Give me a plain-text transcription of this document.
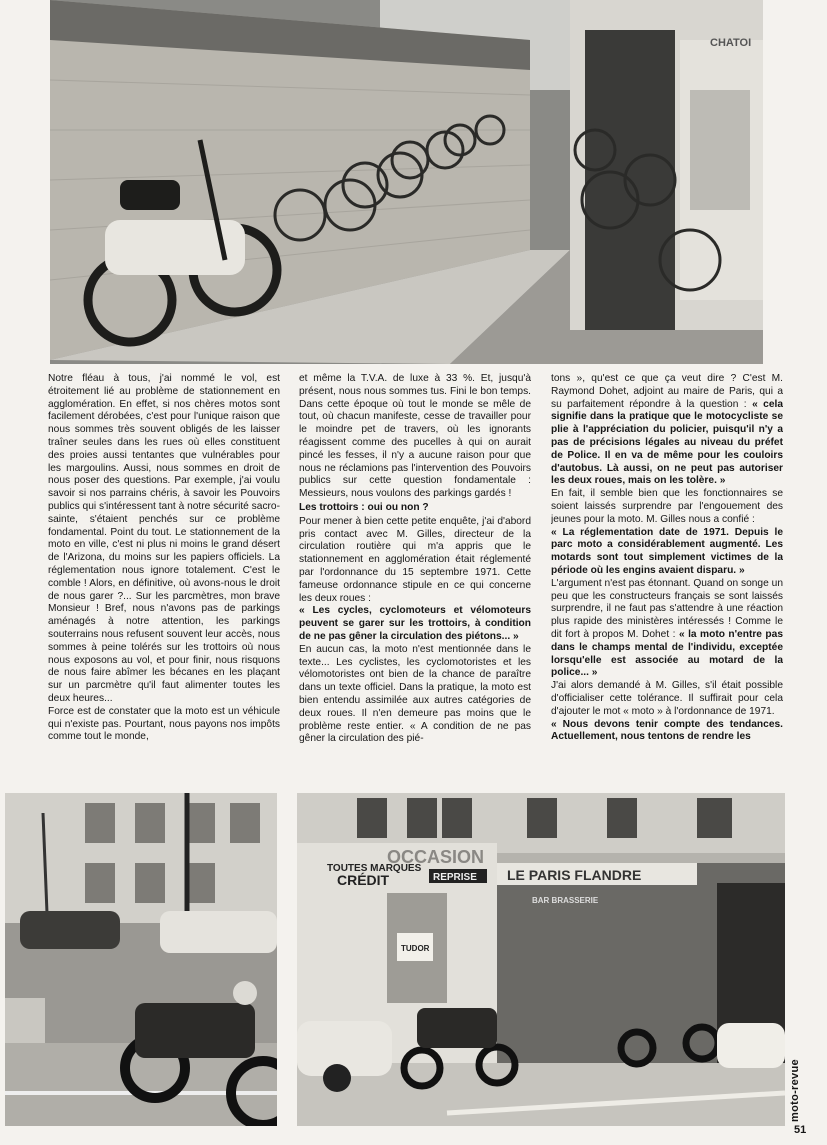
CHATOI

Notre fléau à tous, j'ai nommé le vol, est étroitement lié au problème de stationnement en agglomération. En effet, si nos chères motos sont facilement dérobées, c'est pour l'unique raison que nous sommes très souvent obligés de les laisser traîner seules dans les rues où elles constituent des proies aussi tentantes que vulnérables pour les margoulins. Aussi, nous sommes en droit de nous poser des questions. Par exemple, j'ai voulu savoir si nos parrains chéris, à savoir les Pouvoirs publics qui s'intéressent tant à notre sécurité sacro-sainte, s'étaient penchés sur ce problème fondamental. Point du tout. Le stationnement de la moto en ville, c'est ni plus ni moins le grand désert de l'Arizona, du moins sur les papiers officiels. La réglementation nous ignore totalement. C'est le comble ! Alors, en définitive, où avons-nous le droit de nous garer ?... Sur les parcmètres, mon brave Monsieur ! Bref, nous n'avons pas de parkings aménagés à notre attention, les parkings souterrains nous refusent souvent leur accès, nous sommes à peine tolérés sur les trottoirs où nous nous exposons au vol, et pour finir, nous risquons de nous faire abîmer les bécanes en les plaçant sur un parcmètre qu'il faut alimenter toutes les deux heures...

Force est de constater que la moto est un véhicule qui n'existe pas. Pourtant, nous payons nos impôts comme tout le monde,

et même la T.V.A. de luxe à 33 %. Et, jusqu'à présent, nous nous sommes tus. Fini le bon temps. Dans cette époque où tout le monde se mêle de tout, où chacun manifeste, cesse de travailler pour le moindre pet de travers, où les ignorants réagissent comme des pucelles à qui on aurait pincé les fesses, il n'y a aucune raison pour que nous ne réclamions pas l'intervention des Pouvoirs publics sur cette question fondamentale : Messieurs, nous voulons des parkings gardés !

Les trottoirs : oui ou non ?

Pour mener à bien cette petite enquête, j'ai d'abord pris contact avec M. Gilles, directeur de la circulation routière qui m'a appris que le stationnement en agglomération était réglementé par l'ordonnance du 15 septembre 1971. Cette fameuse ordonnance stipule en ce qui concerne les deux roues :

« Les cycles, cyclomoteurs et vélomoteurs peuvent se garer sur les trottoirs, à condition de ne pas gêner la circulation des piétons... »

En aucun cas, la moto n'est mentionnée dans le texte... Les cyclistes, les cyclomotoristes et les vélomotoristes ont bien de la chance de paraître dans un texte officiel. Dans la pratique, la moto est bien entendu assimilée aux autres catégories de deux roues. Il n'en demeure pas moins que le problème reste entier. « A condition de ne pas gêner la circulation des pié-

tons », qu'est ce que ça veut dire ? C'est M. Raymond Dohet, adjoint au maire de Paris, qui a su parfaitement répondre à la question : « cela signifie dans la pratique que le motocycliste se plie à l'appréciation du policier, puisqu'il n'y a pas de précisions légales au niveau du préfet de Police. Il en va de même pour les couloirs d'autobus. Là aussi, on ne peut pas autoriser les deux roues, mais on les tolère. »

En fait, il semble bien que les fonctionnaires se soient laissés surprendre par l'engouement des jeunes pour la moto. M. Gilles nous a confié :

« La réglementation date de 1971. Depuis le parc moto a considérablement augmenté. Les motards sont tout simplement victimes de la période où les engins avaient disparu. »

L'argument n'est pas étonnant. Quand on songe un peu que les constructeurs français se sont laissés surprendre, il ne faut pas s'attendre à une réaction plus rapide des ministères intéressés ! Comme le dit fort à propos M. Dohet : « la moto n'entre pas dans le champs mental de l'individu, exceptée lorsqu'elle est associée au motard de la police... »

J'ai alors demandé à M. Gilles, s'il était possible d'officialiser cette tolérance. Il suffirait pour cela d'ajouter le mot « moto » à l'ordonnance de 1971.

« Nous devons tenir compte des tendances. Actuellement, nous tentons de rendre les

OCCASION
TOUTES MARQUES
CRÉDIT	REPRISE
TUDOR
LE PARIS FLANDRE
BAR BRASSERIE
moto-revue
51
